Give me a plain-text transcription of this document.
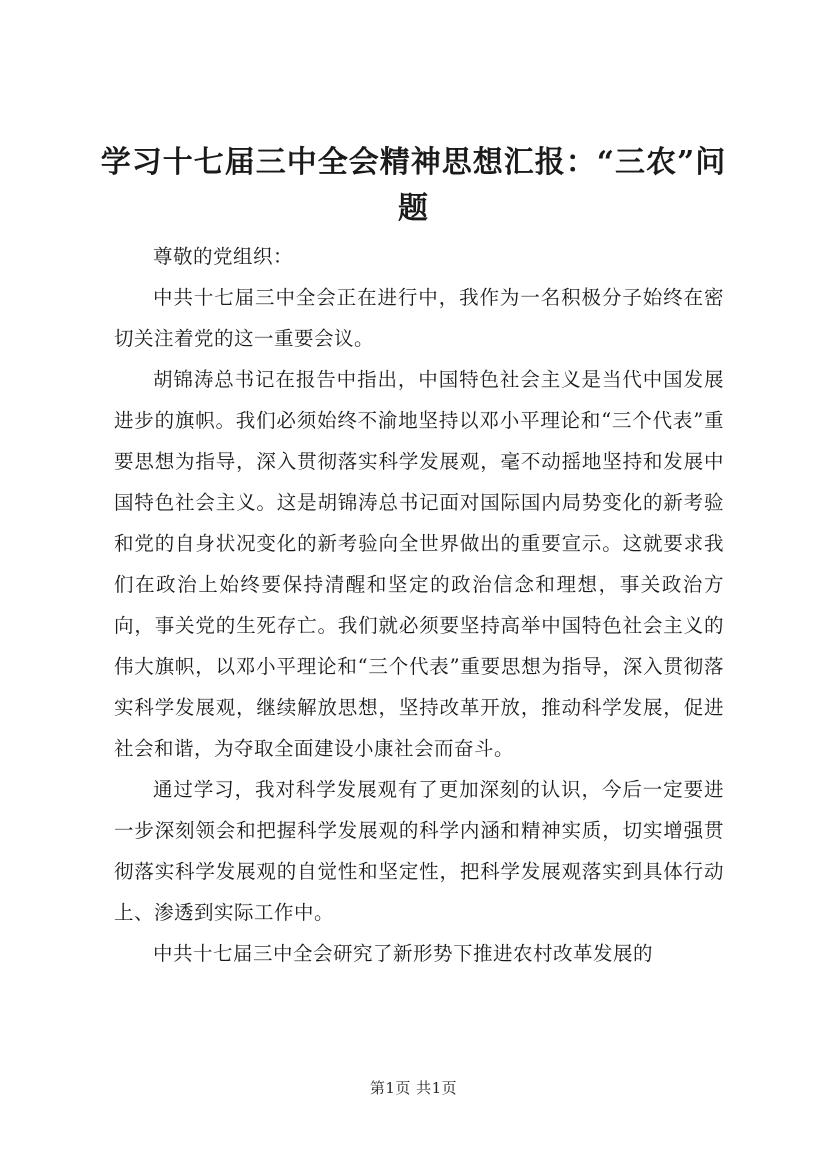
学习十七届三中全会精神思想汇报：“三农”问题

尊敬的党组织：

中共十七届三中全会正在进行中，我作为一名积极分子始终在密切关注着党的这一重要会议。

胡锦涛总书记在报告中指出，中国特色社会主义是当代中国发展进步的旗帜。我们必须始终不渝地坚持以邓小平理论和“三个代表”重要思想为指导，深入贯彻落实科学发展观，毫不动摇地坚持和发展中国特色社会主义。这是胡锦涛总书记面对国际国内局势变化的新考验和党的自身状况变化的新考验向全世界做出的重要宣示。这就要求我们在政治上始终要保持清醒和坚定的政治信念和理想，事关政治方向，事关党的生死存亡。我们就必须要坚持高举中国特色社会主义的伟大旗帜，以邓小平理论和“三个代表”重要思想为指导，深入贯彻落实科学发展观，继续解放思想，坚持改革开放，推动科学发展，促进社会和谐，为夺取全面建设小康社会而奋斗。

通过学习，我对科学发展观有了更加深刻的认识，今后一定要进一步深刻领会和把握科学发展观的科学内涵和精神实质，切实增强贯彻落实科学发展观的自觉性和坚定性，把科学发展观落实到具体行动上、渗透到实际工作中。

中共十七届三中全会研究了新形势下推进农村改革发展的

第1页 共1页
